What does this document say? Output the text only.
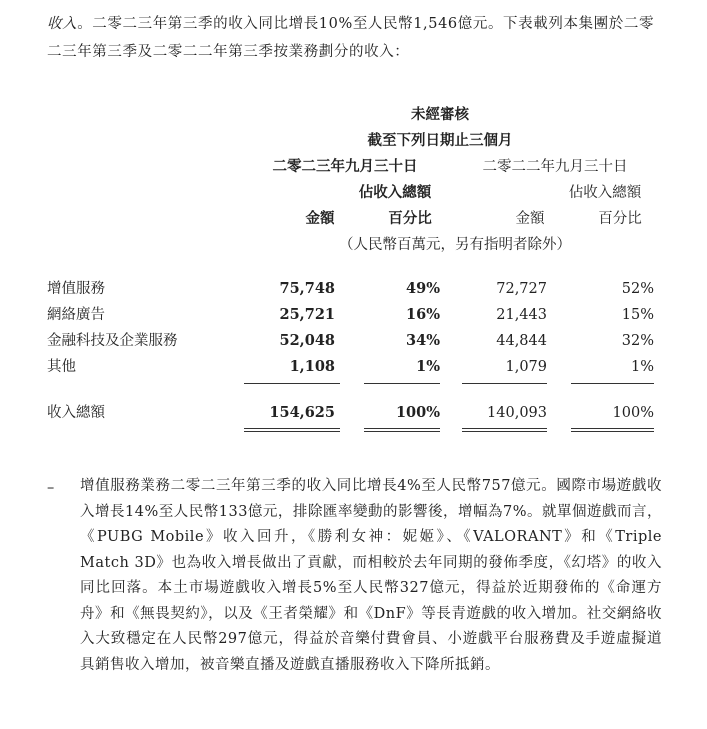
收入。二零二三年第三季的收入同比增長10%至人民幣1,546億元。下表載列本集團於二零二三年第三季及二零二二年第三季按業務劃分的收入：
未經審核
截至下列日期止三個月
二零二三年九月三十日	二零二二年九月三十日
佔收入總額	佔收入總額
金額	百分比	金額	百分比
（人民幣百萬元，另有指明者除外）
增值服務	75,748	49%	72,727	52%
網絡廣告	25,721	16%	21,443	15%
金融科技及企業服務	52,048	34%	44,844	32%
其他	1,108	1%	1,079	1%
收入總額	154,625	100%	140,093	100%
– 增值服務業務二零二三年第三季的收入同比增長4%至人民幣757億元。國際市場遊戲收入增長14%至人民幣133億元，排除匯率變動的影響後，增幅為7%。就單個遊戲而言，《PUBG Mobile》收入回升，《勝利女神：妮姬》、《VALORANT》和《Triple Match 3D》也為收入增長做出了貢獻，而相較於去年同期的發佈季度，《幻塔》的收入同比回落。本土市場遊戲收入增長5%至人民幣327億元，得益於近期發佈的《命運方舟》和《無畏契約》，以及《王者榮耀》和《DnF》等長青遊戲的收入增加。社交網絡收入大致穩定在人民幣297億元，得益於音樂付費會員、小遊戲平台服務費及手遊虛擬道具銷售收入增加，被音樂直播及遊戲直播服務收入下降所抵銷。
